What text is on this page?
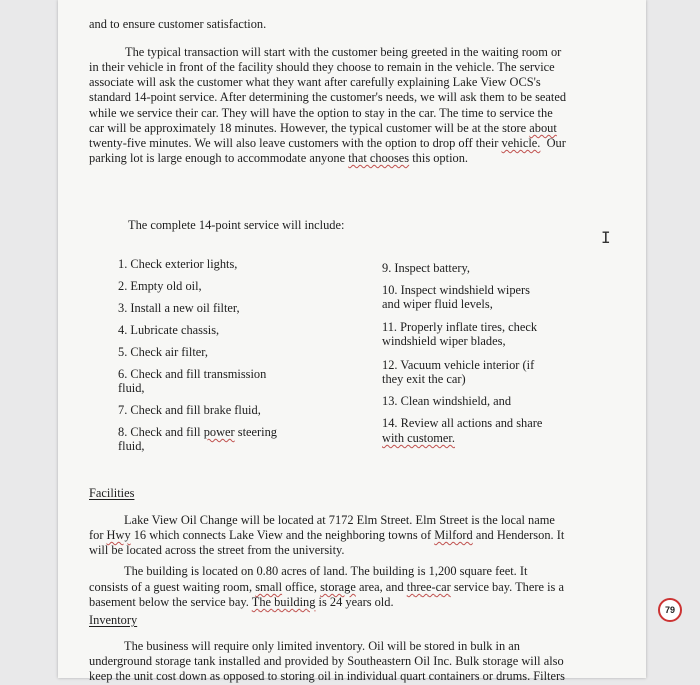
and to ensure customer satisfaction.

The typical transaction will start with the customer being greeted in the waiting room or

in their vehicle in front of the facility should they choose to remain in the vehicle. The service

associate will ask the customer what they want after carefully explaining Lake View OCS's

standard 14-point service. After determining the customer's needs, we will ask them to be seated

while we service their car. They will have the option to stay in the car. The time to service the

car will be approximately 18 minutes. However, the typical customer will be at the store about

twenty-five minutes. We will also leave customers with the option to drop off their vehicle. Our

parking lot is large enough to accommodate anyone that chooses this option.

The complete 14-point service will include:

1. Check exterior lights,
2. Empty old oil,
3. Install a new oil filter,
4. Lubricate chassis,
5. Check air filter,
6. Check and fill transmission
fluid,
7. Check and fill brake fluid,
8. Check and fill power steering
fluid,
9. Inspect battery,
10. Inspect windshield wipers
and wiper fluid levels,
11. Properly inflate tires, check
windshield wiper blades,
12. Vacuum vehicle interior (if
they exit the car)
13. Clean windshield, and
14. Review all actions and share
with customer.

Facilities

Lake View Oil Change will be located at 7172 Elm Street. Elm Street is the local name

for Hwy 16 which connects Lake View and the neighboring towns of Milford and Henderson. It

will be located across the street from the university.

The building is located on 0.80 acres of land. The building is 1,200 square feet. It

consists of a guest waiting room, small office, storage area, and three-car service bay. There is a

basement below the service bay. The building is 24 years old.

Inventory

The business will require only limited inventory. Oil will be stored in bulk in an

underground storage tank installed and provided by Southeastern Oil Inc. Bulk storage will also

keep the unit cost down as opposed to storing oil in individual quart containers or drums. Filters

I
79
